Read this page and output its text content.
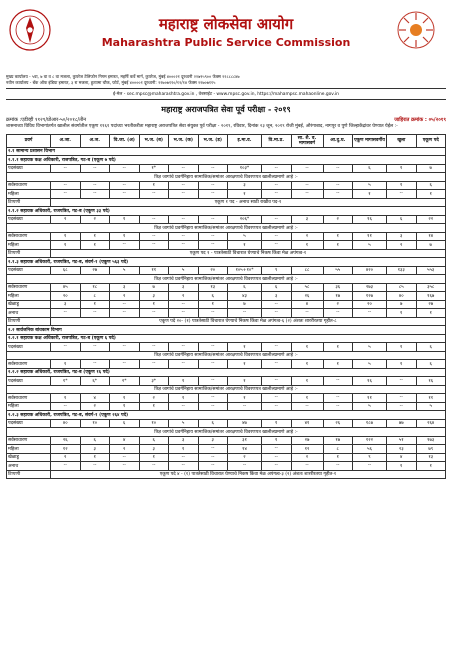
महाराष्ट्र लोकसेवा आयोग
Maharashtra Public Service Commission
मुख्य कार्यालय - ५वा, ७ वा व ८ वा मजला, कुपरेज टेलिफोन निगम इमारत, महर्षि कर्वे मार्ग, कुपरेज, मुंबई ४०००२१ दूरध्वनी २२७९५९०० फॅक्स २२८८८८४७
नवीन कार्यालय - बँक ऑफ इंडिया इमारत, ३ रा मजला, हुतात्मा चौक, फोर्ट, मुंबई ४००००१ दूरध्वनी: २२७०७११०/१२/१४ फॅक्स २२७०७११५
ई-मेल - sec.mpsc@maharashtra.gov.in , वेबसाईट - www.mpsc.gov.in, https://mahampsc.mahaonline.gov.in
महाराष्ट्र अराजपत्रित सेवा पूर्व परीक्षा - २०१९
क्रमांक :एडीव्ही ११२९/प्रोआर-५०/२०१८/तीन	जाहिरात क्रमांक : ०५/२०१९
शासनाच्या विविध विभागांतर्गत खालील संवर्गातील एकूण ११६१ पदांच्या भरतीकरीता महाराष्ट्र अराजपत्रित सेवा संयुक्त पूर्व परीक्षा - २०१९, रविवार, दिनांक २३ जून, २०१९ रोजी मुंबई, औरंगाबाद, नागपूर व पुणे जिल्हाकेंद्रांवर घेण्यात येईल :-
प्रवर्ग	अ.जा.	अ.ज.	वि.जा. (अ)	भ.ज. (ब)	भ.ज. (क)	भ.ज. (ड)	इ.मा.व.	वि.मा.प्र.	सा. शै. व. मागासवर्ग	आ.दु.घ.	एकूण मागासवर्गीय	खुला	एकूण पदे
२.१ सामान्य प्रशासन विभाग													
२.१.१ सहायक कक्ष अधिकारी, राजपत्रित, गट-ब (एकूण ७ पदे)													
पदसंख्या	--	--	--	१*	--	--	१०३*	--	--	--	६	१	७
त्रिज्ञ जागांचे प्रवर्गनिहाय सामाजिक/समांतर आरक्षणाचे विवरणपत्र खालीलप्रमाणे आहे :-													
सर्वसाधारण	--	--	--	१	--	--	३	--	--	--	५	१	६
महिला	--	--	--	--	--	--	१	--	--	--	१	--	१
टिप्पणी	एकूण १ पद - अनाथ साठी राखीव पद-१												
२.१.२ सहायक अधिकारी, राजपत्रित, गट-ब (एकूण ३३ पदे)													
पदसंख्या	२	२	१	--	--	--	२०६*	--	३	२	१६	६	२२
त्रिज्ञ जागांचे प्रवर्गनिहाय सामाजिक/समांतर आरक्षणाचे विवरणपत्र खालीलप्रमाणे आहे :-													
सर्वसाधारण	१	१	१	--	--	--	५	--	२	१	११	३	१४
महिला	१	१	--	--	--	--	१	--	१	१	५	२	७
टिप्पणी	एकूण पद १ - पात्रतेसाठी विचारात घेण्याचे निकष किंवा मेळ अपंगत्व-१												
२.१.३ सहायक अधिकारी, राजपत्रित, गट-ब, संवर्ग-१ (एकूण ५६३ पदे)													
पदसंख्या	६८	२७	५	११	५	२०	१०५+१०*	९	८८	५५	४२०	१३३	५५३
त्रिज्ञ जागांचे प्रवर्गनिहाय सामाजिक/समांतर आरक्षणाचे विवरणपत्र खालीलप्रमाणे आहे :-													
सर्वसाधारण	४५	१८	३	७	३	१३	६	६	५८	३६	२७३	८५	३५८
महिला	२०	८	२	३	२	६	४३	३	२६	१७	१२७	४०	१६७
खेळाडू	३	१	--	१	--	१	७	--	४	२	२०	७	२७
अनाथ	--	--	--	--	--	--	--	--	--	--	--	१	१
टिप्पणी	एकूण पदे २०- (१) पात्रतेसाठी विचारात घेण्याचे निकष किंवा मेळ अपंगत्व-६ (२) अंशतः शाररीरतया गृहीत-८												
२.२ सार्वजनिक बांधकाम विभाग													
२.२.१ सहायक कक्ष अधिकारी, राजपत्रित, गट-ब (एकूण ६ पदे)													
पदसंख्या	--	--	--	--	--	--	१	--	१	१	५	१	६
त्रिज्ञ जागांचे प्रवर्गनिहाय सामाजिक/समांतर आरक्षणाचे विवरणपत्र खालीलप्रमाणे आहे :-													
सर्वसाधारण	१	--	--	--	--	--	१	--	१	१	५	१	६
२.२.२ सहायक अधिकारी, राजपत्रित, गट-ब (एकूण १६ पदे)													
पदसंख्या	१*	६*	२*	३*	१	--	१	--	१	--	१६	--	१६
त्रिज्ञ जागांचे प्रवर्गनिहाय सामाजिक/समांतर आरक्षणाचे विवरणपत्र खालीलप्रमाणे आहे :-													
सर्वसाधारण	१	४	१	२	१	--	१	--	१	--	११	--	११
महिला	--	२	१	१	--	--	--	--	--	--	५	--	५
२.२.३ सहायक अधिकारी, राजपत्रित, गट-ब, संवर्ग-१ (एकूण २६४ पदे)													
पदसंख्या	४०	१०	६	१०	५	६	४७	१	४१	२६	१८७	७७	२६४
त्रिज्ञ जागांचे प्रवर्गनिहाय सामाजिक/समांतर आरक्षणाचे विवरणपत्र खालीलप्रमाणे आहे :-													
सर्वसाधारण	२६	६	४	६	३	३	३१	१	२७	१७	१२२	५१	१७३
महिला	१२	३	२	३	१	--	१४	--	१२	८	५६	२३	७९
खेळाडू	२	१	--	१	--	--	२	--	२	१	९	४	१३
अनाथ	--	--	--	--	--	--	--	--	--	--	--	१	१
टिप्पणी	एकूण पदे ४ - (१) पात्रतेसाठी विचारात घेण्याचे निकष किंवा मेळ अपंगत्व-३ (२) अंशतः शाररीरतया गृहीत-१												
